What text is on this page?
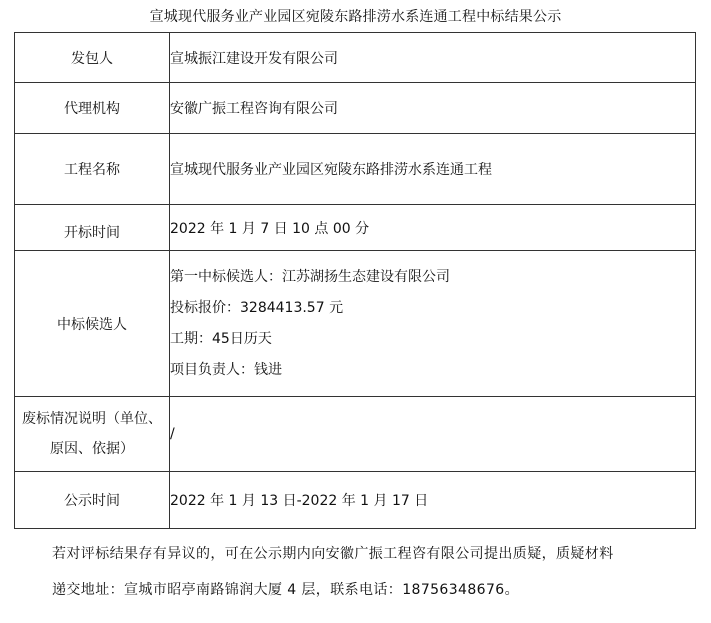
宣城现代服务业产业园区宛陵东路排涝水系连通工程中标结果公示
发包人	宣城振江建设开发有限公司
代理机构	安徽广振工程咨询有限公司
工程名称	宣城现代服务业产业园区宛陵东路排涝水系连通工程
开标时间	2022 年 1 月 7 日 10 点 00 分
中标候选人	第一中标候选人：江苏湖扬生态建设有限公司

投标报价：3284413.57 元

工期：45日历天

项目负责人：钱进

废标情况说明（单位、
原因、依据）	/
公示时间	2022 年 1 月 13 日-2022 年 1 月 17 日
若对评标结果存有异议的，可在公示期内向安徽广振工程咨有限公司提出质疑，质疑材料
递交地址：宣城市昭亭南路锦润大厦 4 层，联系电话：18756348676。
